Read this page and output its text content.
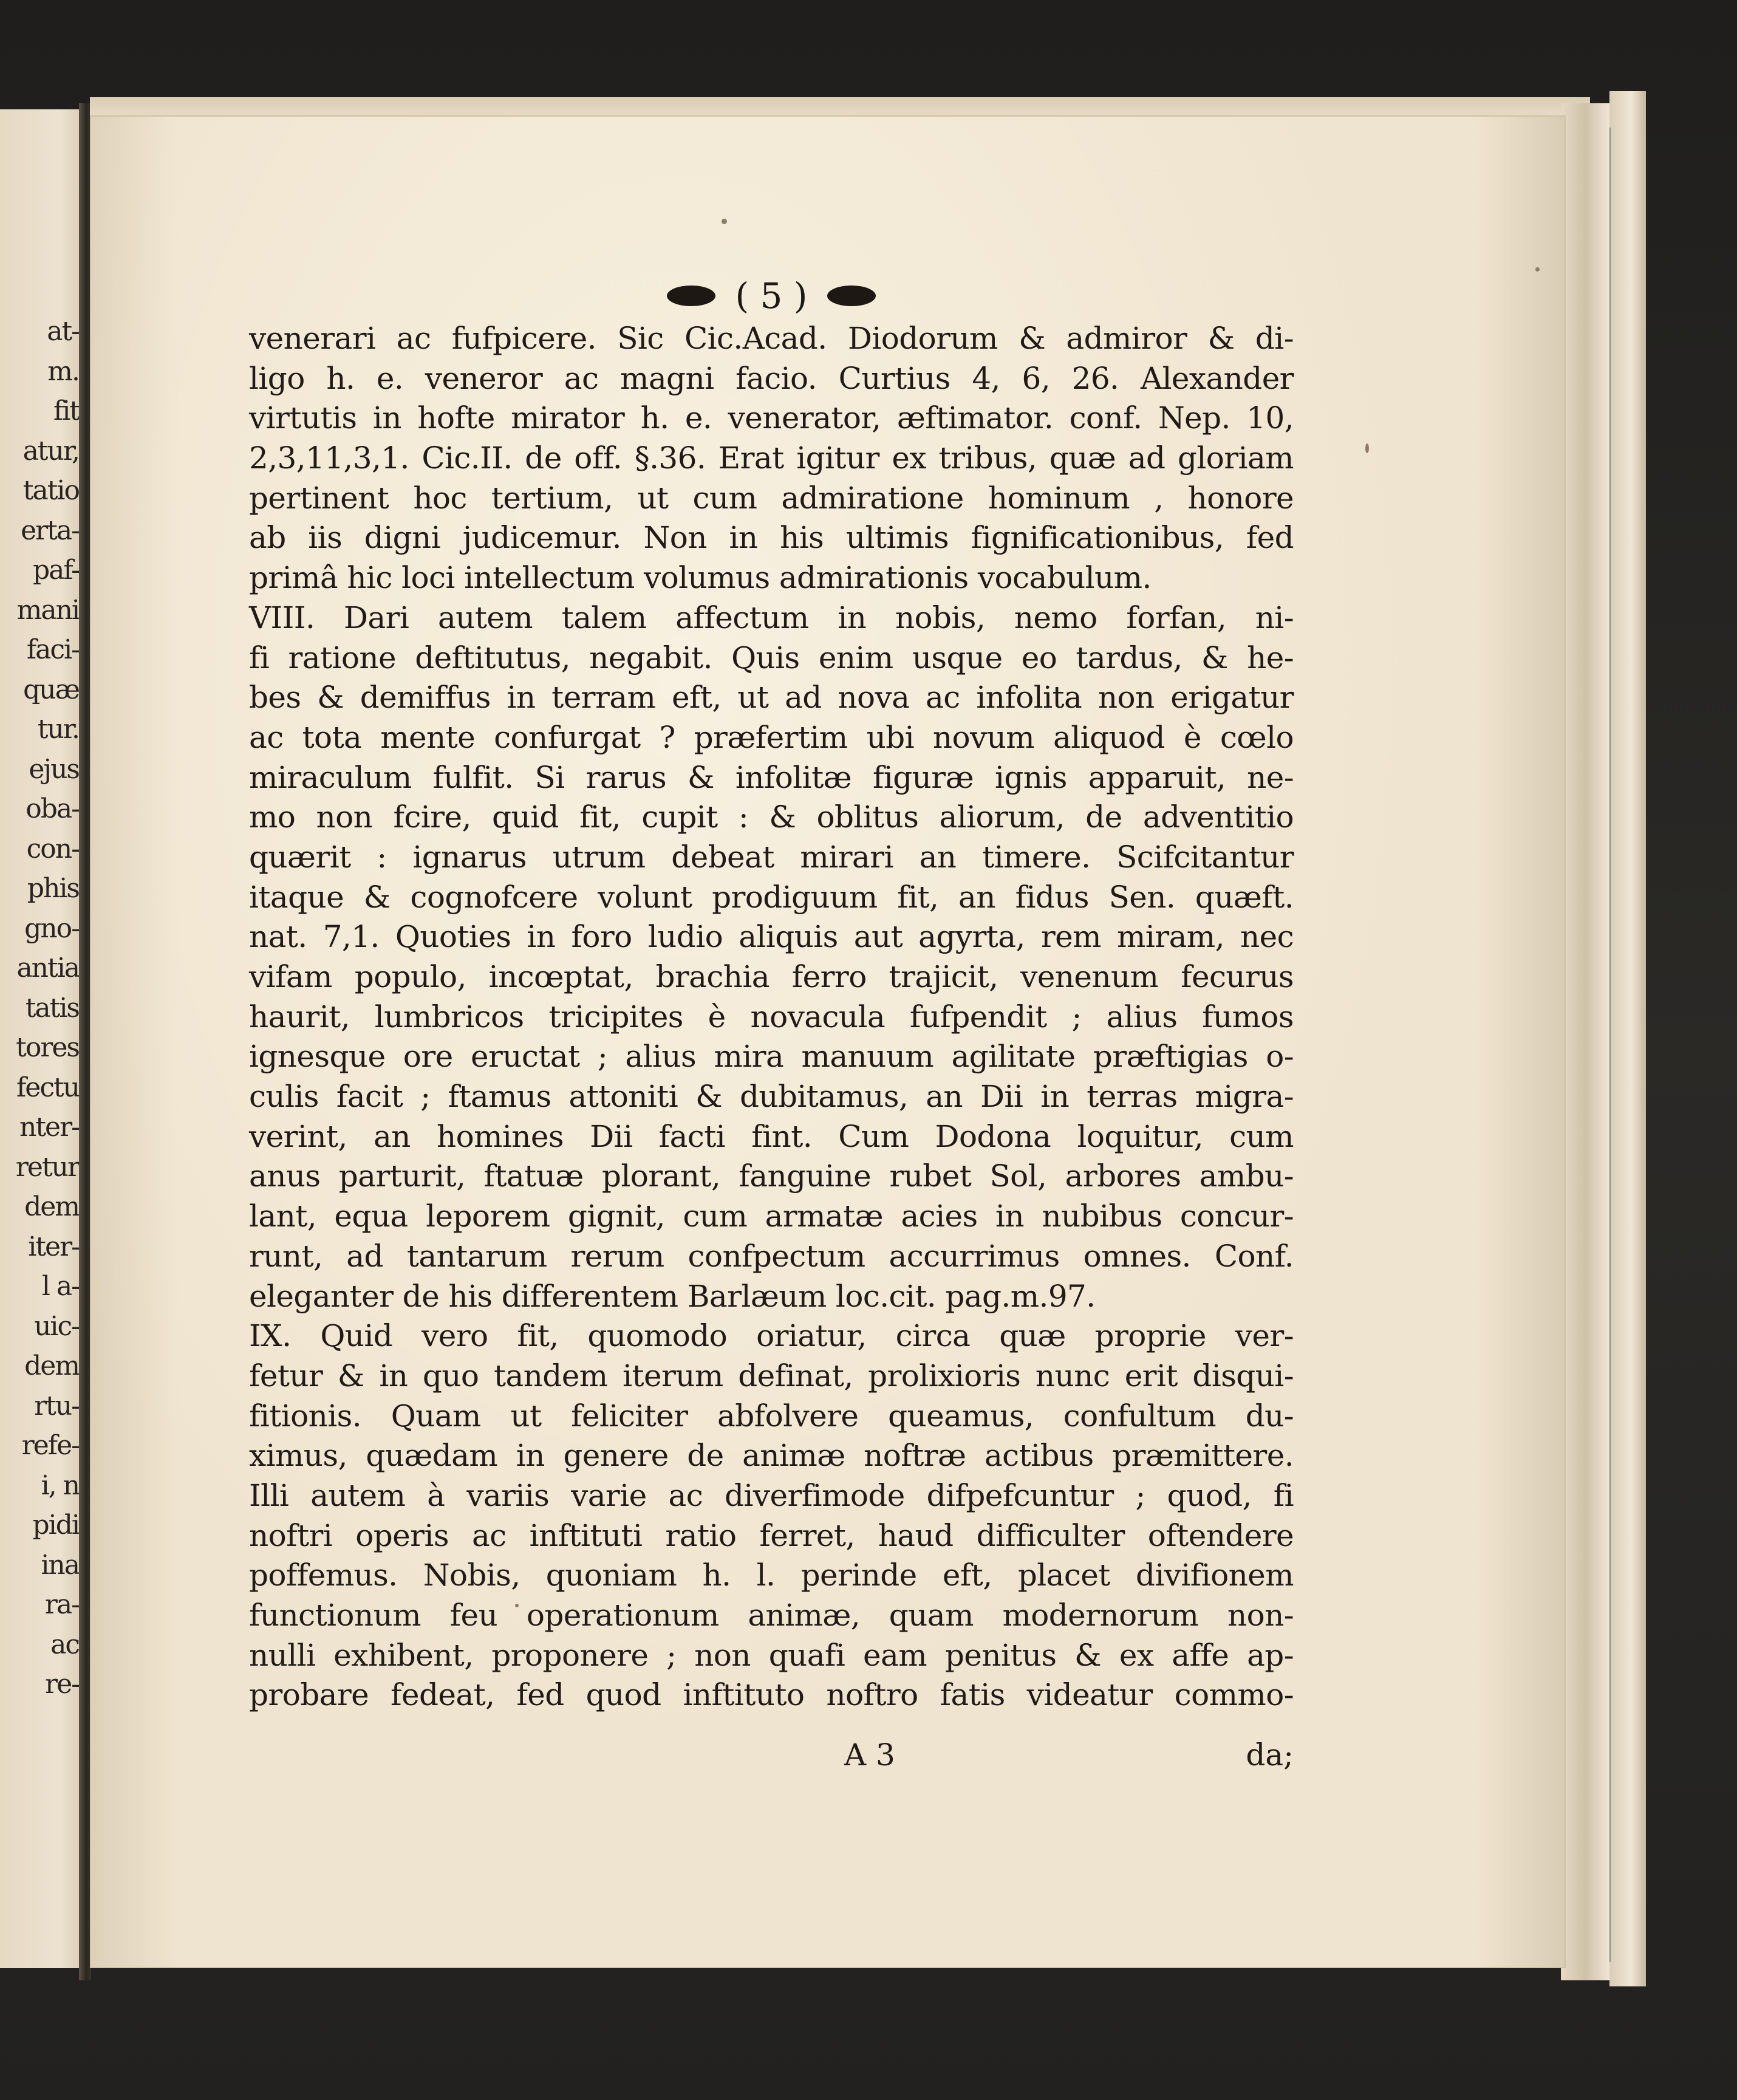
at-
m.
fit
atur,
tatio
erta-
paf-
mani
faci-
quæ
tur.
ejus
oba-
con-
phis
gno-
antia
tatis
tores
fectu
nter-
retur
dem
iter-
l a-
uic-
dem
rtu-
refe-
i, n
pidi
ina
ra-
ac
re-
( 5 )
venerari ac fufpicere. Sic Cic.Acad. Diodorum & admiror & di-
ligo h. e. veneror ac magni facio. Curtius 4, 6, 26. Alexander
virtutis in hofte mirator h. e. venerator, æftimator. conf. Nep. 10,
2,3,11,3,1. Cic.II. de off. §.36. Erat igitur ex tribus, quæ ad gloriam
pertinent hoc tertium, ut cum admiratione hominum , honore
ab iis digni judicemur. Non in his ultimis fignificationibus, fed
primâ hic loci intellectum volumus admirationis vocabulum.
VIII. Dari autem talem affectum in nobis, nemo forfan, ni-
fi ratione deftitutus, negabit. Quis enim usque eo tardus, & he-
bes & demiffus in terram eft, ut ad nova ac infolita non erigatur
ac tota mente confurgat ? præfertim ubi novum aliquod è cœlo
miraculum fulfit. Si rarus & infolitæ figuræ ignis apparuit, ne-
mo non fcire, quid fit, cupit : & oblitus aliorum, de adventitio
quærit : ignarus utrum debeat mirari an timere. Scifcitantur
itaque & cognofcere volunt prodiguum fit, an fidus Sen. quæft.
nat. 7,1. Quoties in foro ludio aliquis aut agyrta, rem miram, nec
vifam populo, incœptat, brachia ferro trajicit, venenum fecurus
haurit, lumbricos tricipites è novacula fufpendit ; alius fumos
ignesque ore eructat ; alius mira manuum agilitate præftigias o-
culis facit ; ftamus attoniti & dubitamus, an Dii in terras migra-
verint, an homines Dii facti fint. Cum Dodona loquitur, cum
anus parturit, ftatuæ plorant, fanguine rubet Sol, arbores ambu-
lant, equa leporem gignit, cum armatæ acies in nubibus concur-
runt, ad tantarum rerum confpectum accurrimus omnes. Conf.
eleganter de his differentem Barlæum loc.cit. pag.m.97.
IX. Quid vero fit, quomodo oriatur, circa quæ proprie ver-
fetur & in quo tandem iterum definat, prolixioris nunc erit disqui-
fitionis. Quam ut feliciter abfolvere queamus, confultum du-
ximus, quædam in genere de animæ noftræ actibus præmittere.
Illi autem à variis varie ac diverfimode difpefcuntur ; quod, fi
noftri operis ac inftituti ratio ferret, haud difficulter oftendere
poffemus. Nobis, quoniam h. l. perinde eft, placet divifionem
functionum feu operationum animæ, quam modernorum non-
nulli exhibent, proponere ; non quafi eam penitus & ex affe ap-
probare fedeat, fed quod inftituto noftro fatis videatur commo-
A 3	da;
